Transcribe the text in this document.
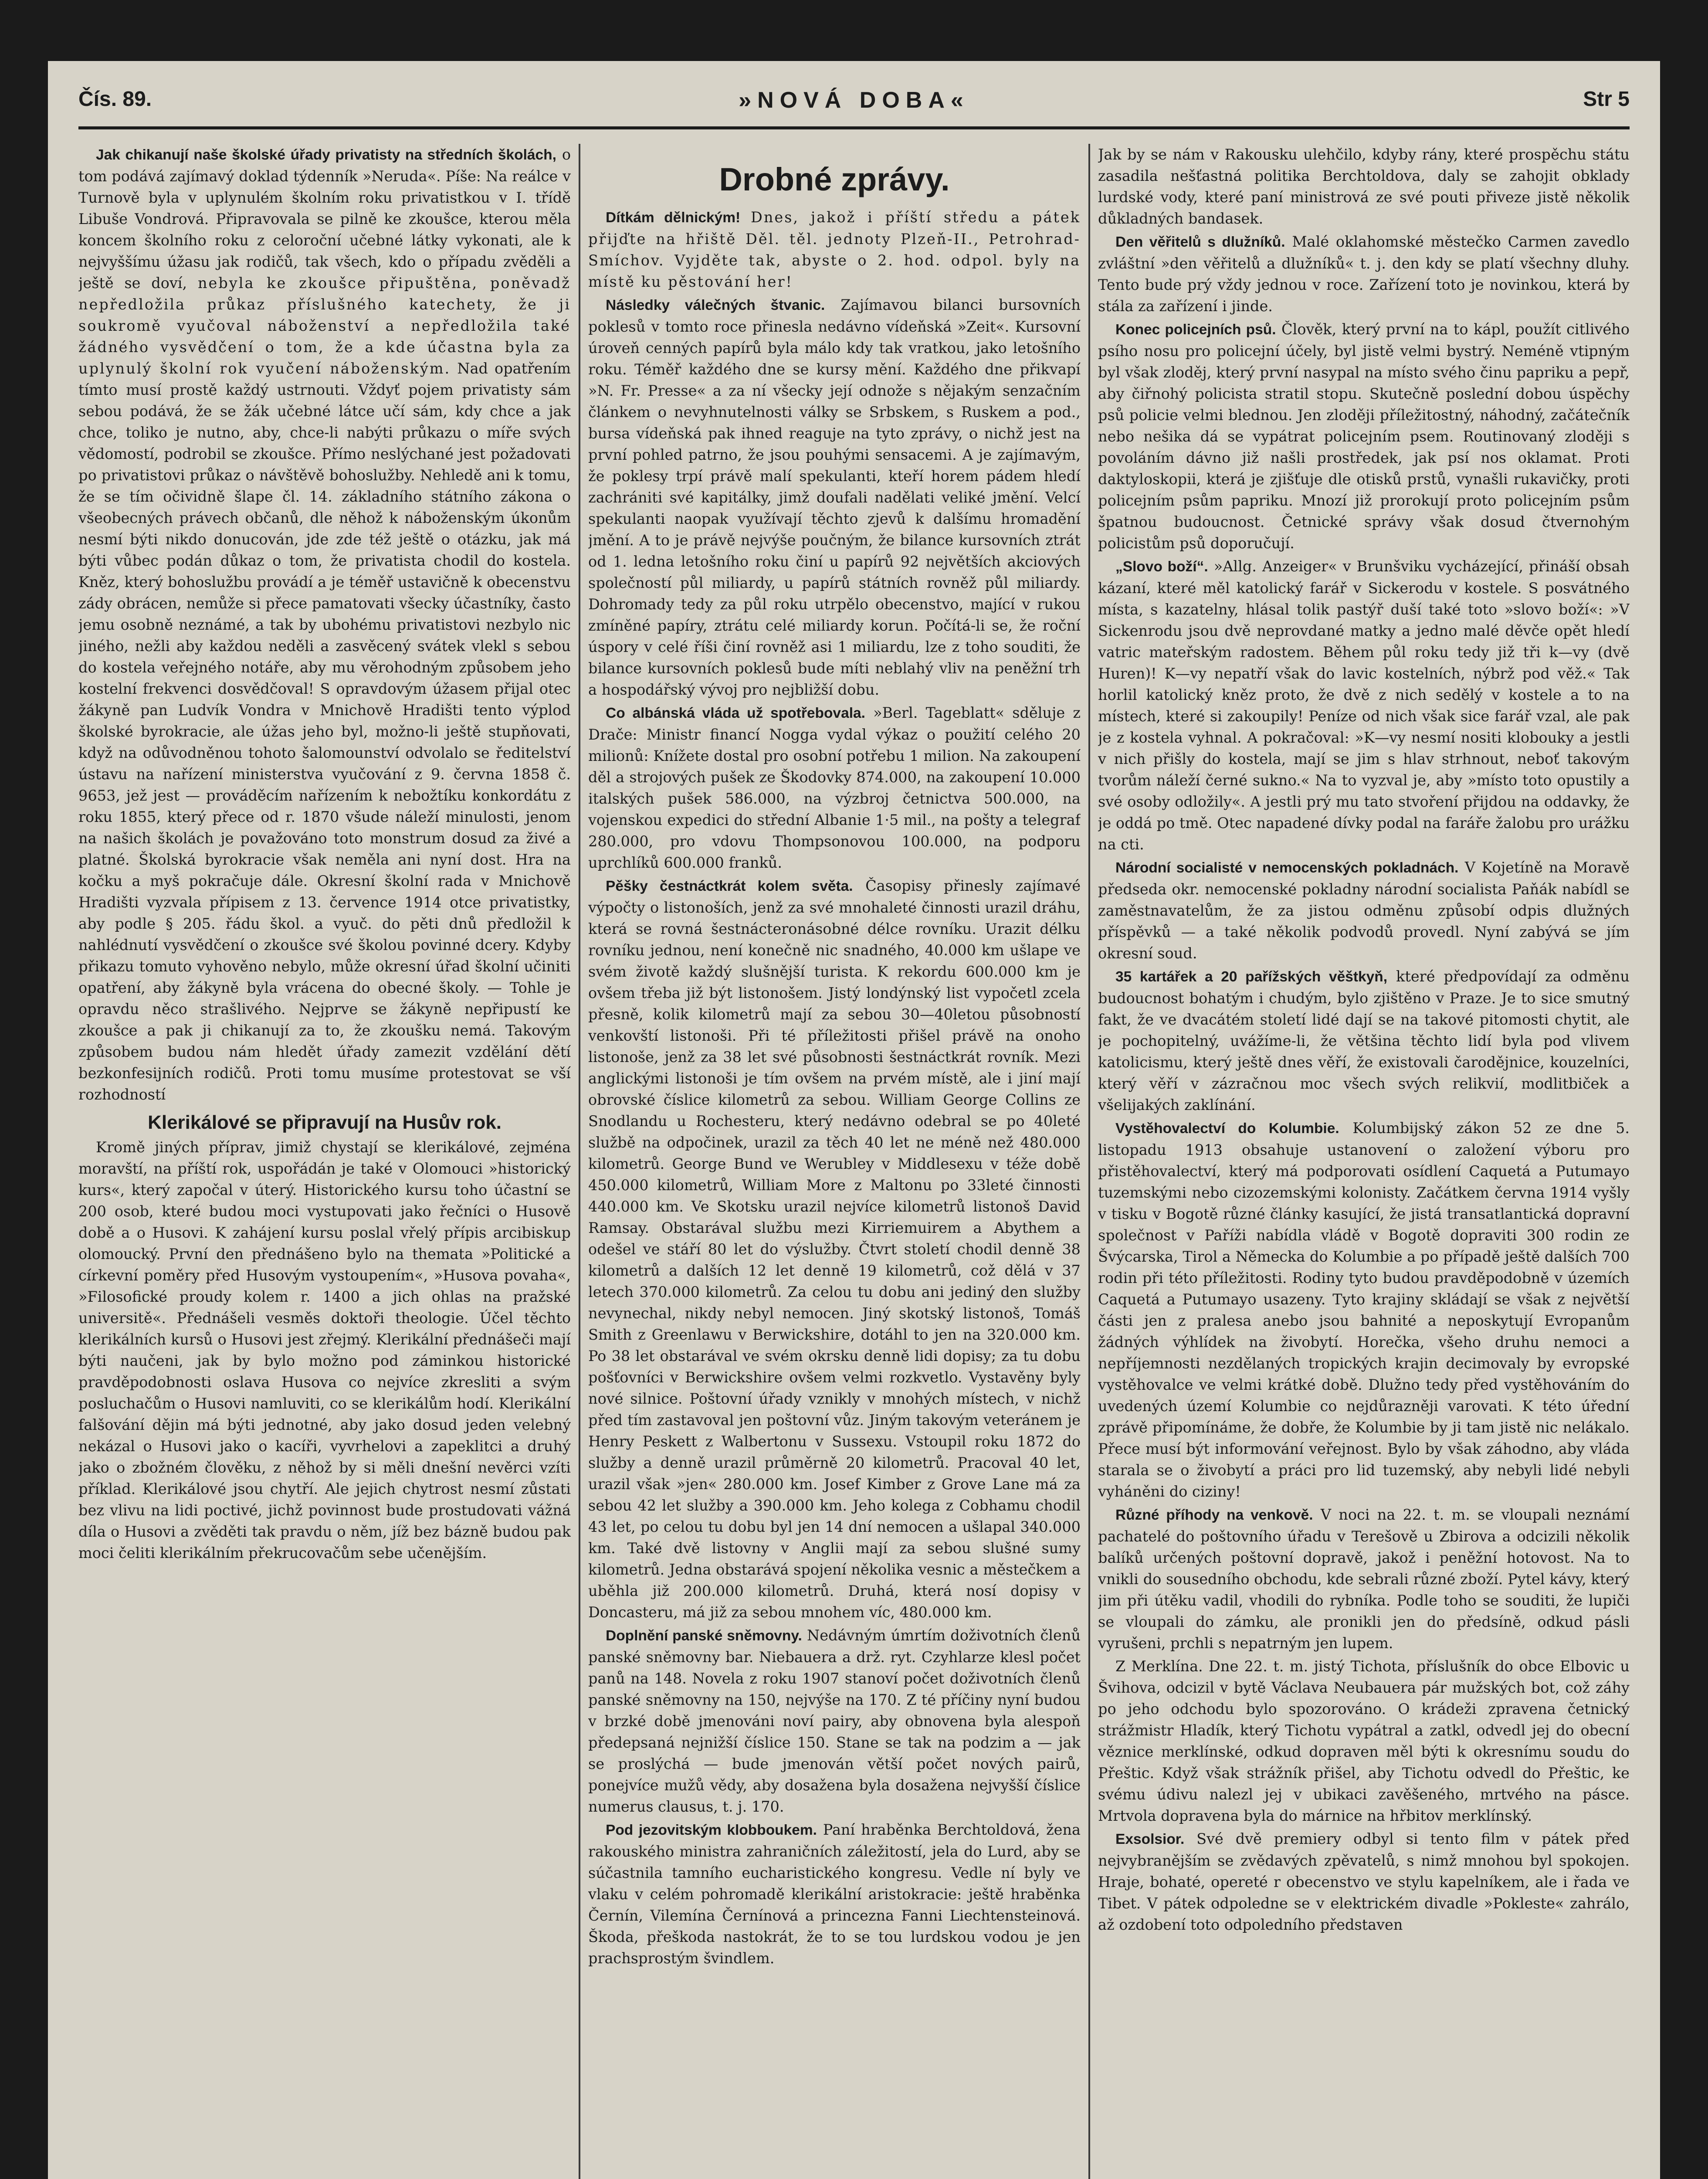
Čís. 89.	»NOVÁ DOBA«	Str 5

Jak chikanují naše školské úřady privatisty na středních školách, o tom podává zajímavý doklad týdenník »Neruda«. Píše: Na reálce v Turnově byla v uplynulém školním roku privatistkou v I. třídě Libuše Vondrová. Připravovala se pilně ke zkoušce, kterou měla koncem školního roku z celoroční učebné látky vykonati, ale k nejvyššímu úžasu jak rodičů, tak všech, kdo o případu zvěděli a ještě se doví, nebyla ke zkoušce připuštěna, poněvadž nepředložila průkaz příslušného katechety, že ji soukromě vyučoval náboženství a nepředložila také žádného vysvědčení o tom, že a kde účastna byla za uplynulý školní rok vyučení náboženským. Nad opatřením tímto musí prostě každý ustrnouti. Vždyť pojem privatisty sám sebou podává, že se žák učebné látce učí sám, kdy chce a jak chce, toliko je nutno, aby, chce-li nabýti průkazu o míře svých vědomostí, podrobil se zkoušce. Přímo neslýchané jest požadovati po privatistovi průkaz o návštěvě bohoslužby. Nehledě ani k tomu, že se tím očividně šlape čl. 14. základního státního zákona o všeobecných právech občanů, dle něhož k náboženským úkonům nesmí býti nikdo donucován, jde zde též ještě o otázku, jak má býti vůbec podán důkaz o tom, že privatista chodil do kostela. Kněz, který bohoslužbu provádí a je téměř ustavičně k obecenstvu zády obrácen, nemůže si přece pamatovati všecky účastníky, často jemu osobně neznámé, a tak by ubohému privatistovi nezbylo nic jiného, nežli aby každou neděli a zasvěcený svátek vlekl s sebou do kostela veřejného notáře, aby mu věrohodným způsobem jeho kostelní frekvenci dosvědčoval! S opravdovým úžasem přijal otec žákyně pan Ludvík Vondra v Mnichově Hradišti tento výplod školské byrokracie, ale úžas jeho byl, možno-li ještě stupňovati, když na odůvodněnou tohoto šalomounství odvolalo se ředitelství ústavu na nařízení ministerstva vyučování z 9. června 1858 č. 9653, jež jest — prováděcím nařízením k nebožtíku konkordátu z roku 1855, který přece od r. 1870 všude náleží minulosti, jenom na našich školách je považováno toto monstrum dosud za živé a platné. Školská byrokracie však neměla ani nyní dost. Hra na kočku a myš pokračuje dále. Okresní školní rada v Mnichově Hradišti vyzvala přípisem z 13. července 1914 otce privatistky, aby podle § 205. řádu škol. a vyuč. do pěti dnů předložil k nahlédnutí vysvědčení o zkoušce své školou povinné dcery. Kdyby přikazu tomuto vyhověno nebylo, může okresní úřad školní učiniti opatření, aby žákyně byla vrácena do obecné školy. — Tohle je opravdu něco strašlivého. Nejprve se žákyně nepřipustí ke zkoušce a pak ji chikanují za to, že zkoušku nemá. Takovým způsobem budou nám hledět úřady zamezit vzdělání dětí bezkonfesijních rodičů. Proti tomu musíme protestovat se vší rozhodností

Klerikálové se připravují na Husův rok.

Kromě jiných příprav, jimiž chystají se klerikálové, zejména moravští, na příští rok, uspořádán je také v Olomouci »historický kurs«, který započal v úterý. Historického kursu toho účastní se 200 osob, které budou moci vystupovati jako řečníci o Husově době a o Husovi. K zahájení kursu poslal vřelý přípis arcibiskup olomoucký. První den přednášeno bylo na themata »Politické a církevní poměry před Husovým vystoupením«, »Husova povaha«, »Filosofické proudy kolem r. 1400 a jich ohlas na pražské universitě«. Přednášeli vesměs doktoři theologie. Účel těchto klerikálních kursů o Husovi jest zřejmý. Klerikální přednášeči mají býti naučeni, jak by bylo možno pod záminkou historické pravděpodobnosti oslava Husova co nejvíce zkresliti a svým posluchačům o Husovi namluviti, co se klerikálům hodí. Klerikální falšování dějin má býti jednotné, aby jako dosud jeden velebný nekázal o Husovi jako o kacíři, vyvrhelovi a zapeklitci a druhý jako o zbožném člověku, z něhož by si měli dnešní nevěrci vzíti příklad. Klerikálové jsou chytří. Ale jejich chytrost nesmí zůstati bez vlivu na lidi poctivé, jichž povinnost bude prostudovati vážná díla o Husovi a zvěděti tak pravdu o něm, jíž bez bázně budou pak moci čeliti klerikálním překrucovačům sebe učenějším.

Drobné zprávy.

Dítkám dělnickým! Dnes, jakož i příští středu a pátek přijďte na hřiště Děl. těl. jednoty Plzeň-II., Petrohrad-Smíchov. Vyjděte tak, abyste o 2. hod. odpol. byly na místě ku pěstování her!

Následky válečných štvanic. Zajímavou bilanci bursovních poklesů v tomto roce přinesla nedávno vídeňská »Zeit«. Kursovní úroveň cenných papírů byla málo kdy tak vratkou, jako letošního roku. Téměř každého dne se kursy mění. Každého dne přikvapí »N. Fr. Presse« a za ní všecky její odnože s nějakým senzačním článkem o nevyhnutelnosti války se Srbskem, s Ruskem a pod., bursa vídeňská pak ihned reaguje na tyto zprávy, o nichž jest na první pohled patrno, že jsou pouhými sensacemi. A je zajímavým, že poklesy trpí právě malí spekulanti, kteří horem pádem hledí zachrániti své kapitálky, jimž doufali nadělati veliké jmění. Velcí spekulanti naopak využívají těchto zjevů k dalšímu hromadění jmění. A to je právě nejvýše poučným, že bilance kursovních ztrát od 1. ledna letošního roku činí u papírů 92 největších akciových společností půl miliardy, u papírů státních rovněž půl miliardy. Dohromady tedy za půl roku utrpělo obecenstvo, mající v rukou zmíněné papíry, ztrátu celé miliardy korun. Počítá-li se, že roční úspory v celé říši činí rovněž asi 1 miliardu, lze z toho souditi, že bilance kursovních poklesů bude míti neblahý vliv na peněžní trh a hospodářský vývoj pro nejbližší dobu.

Co albánská vláda už spotřebovala. »Berl. Tageblatt« sděluje z Drače: Ministr financí Nogga vydal výkaz o použití celého 20 milionů: Knížete dostal pro osobní potřebu 1 milion. Na zakoupení děl a strojových pušek ze Škodovky 874.000, na zakoupení 10.000 italských pušek 586.000, na výzbroj četnictva 500.000, na vojenskou expedici do střední Albanie 1·5 mil., na pošty a telegraf 280.000, pro vdovu Thompsonovou 100.000, na podporu uprchlíků 600.000 franků.

Pěšky čestnáctkrát kolem světa. Časopisy přinesly zajímavé výpočty o listonoších, jenž za své mnohaleté činnosti urazil dráhu, která se rovná šestnácteronásobné délce rovníku. Urazit délku rovníku jednou, není konečně nic snadného, 40.000 km ušlape ve svém životě každý slušnější turista. K rekordu 600.000 km je ovšem třeba již být listonošem. Jistý londýnský list vypočetl zcela přesně, kolik kilometrů mají za sebou 30—40letou působností venkovští listonoši. Při té příležitosti přišel právě na onoho listonoše, jenž za 38 let své působnosti šestnáctkrát rovník. Mezi anglickými listonoši je tím ovšem na prvém místě, ale i jiní mají obrovské číslice kilometrů za sebou. William George Collins ze Snodlandu u Rochesteru, který nedávno odebral se po 40leté službě na odpočinek, urazil za těch 40 let ne méně než 480.000 kilometrů. George Bund ve Werubley v Middlesexu v téže době 450.000 kilometrů, William More z Maltonu po 33leté činnosti 440.000 km. Ve Skotsku urazil nejvíce kilometrů listonoš David Ramsay. Obstarával službu mezi Kirriemuirem a Abythem a odešel ve stáří 80 let do výslužby. Čtvrt století chodil denně 38 kilometrů a dalších 12 let denně 19 kilometrů, což dělá v 37 letech 370.000 kilometrů. Za celou tu dobu ani jediný den služby nevynechal, nikdy nebyl nemocen. Jiný skotský listonoš, Tomáš Smith z Greenlawu v Berwickshire, dotáhl to jen na 320.000 km. Po 38 let obstarával ve svém okrsku denně lidi dopisy; za tu dobu pošťovníci v Berwickshire ovšem velmi rozkvetlo. Vystavěny byly nové silnice. Poštovní úřady vznikly v mnohých místech, v nichž před tím zastavoval jen poštovní vůz. Jiným takovým veteránem je Henry Peskett z Walbertonu v Sussexu. Vstoupil roku 1872 do služby a denně urazil průměrně 20 kilometrů. Pracoval 40 let, urazil však »jen« 280.000 km. Josef Kimber z Grove Lane má za sebou 42 let služby a 390.000 km. Jeho kolega z Cobhamu chodil 43 let, po celou tu dobu byl jen 14 dní nemocen a ušlapal 340.000 km. Také dvě listovny v Anglii mají za sebou slušné sumy kilometrů. Jedna obstarává spojení několika vesnic a městečkem a uběhla již 200.000 kilometrů. Druhá, která nosí dopisy v Doncasteru, má již za sebou mnohem víc, 480.000 km.

Doplnění panské sněmovny. Nedávným úmrtím doživotních členů panské sněmovny bar. Niebauera a drž. ryt. Czyhlarze klesl počet panů na 148. Novela z roku 1907 stanoví počet doživotních členů panské sněmovny na 150, nejvýše na 170. Z té příčiny nyní budou v brzké době jmenováni noví pairy, aby obnovena byla alespoň předepsaná nejnižší číslice 150. Stane se tak na podzim a — jak se proslýchá — bude jmenován větší počet nových pairů, ponejvíce mužů vědy, aby dosažena byla dosažena nejvyšší číslice numerus clausus, t. j. 170.

Pod jezovitským klobboukem. Paní hraběnka Berchtoldová, žena rakouského ministra zahraničních záležitostí, jela do Lurd, aby se súčastnila tamního eucharistického kongresu. Vedle ní byly ve vlaku v celém pohromadě klerikální aristokracie: ještě hraběnka Černín, Vilemína Černínová a princezna Fanni Liechtensteinová. Škoda, přeškoda nastokrát, že to se tou lurdskou vodou je jen prachsprostým švindlem.

Jak by se nám v Rakousku ulehčilo, kdyby rány, které prospěchu státu zasadila nešťastná politika Berchtoldova, daly se zahojit obklady lurdské vody, které paní ministrová ze své pouti přiveze jistě několik důkladných bandasek.

Den věřitelů s dlužníků. Malé oklahomské městečko Carmen zavedlo zvláštní »den věřitelů a dlužníků« t. j. den kdy se platí všechny dluhy. Tento bude prý vždy jednou v roce. Zařízení toto je novinkou, která by stála za zařízení i jinde.

Konec policejních psů. Člověk, který první na to kápl, použít citlivého psího nosu pro policejní účely, byl jistě velmi bystrý. Neméně vtipným byl však zloděj, který první nasypal na místo svého činu papriku a pepř, aby čiřnohý policista stratil stopu. Skutečně poslední dobou úspěchy psů policie velmi blednou. Jen zloději příležitostný, náhodný, začátečník nebo nešika dá se vypátrat policejním psem. Routinovaný zloději s povoláním dávno již našli prostředek, jak psí nos oklamat. Proti daktyloskopii, která je zjišťuje dle otisků prstů, vynašli rukavičky, proti policejním psům papriku. Mnozí již prorokují proto policejním psům špatnou budoucnost. Četnické správy však dosud čtvernohým policistům psů doporučují.

„Slovo boží“. »Allg. Anzeiger« v Brunšviku vycházející, přináší obsah kázaní, které měl katolický farář v Sickerodu v kostele. S posvátného místa, s kazatelny, hlásal tolik pastýř duší také toto »slovo boží«: »V Sickenrodu jsou dvě neprovdané matky a jedno malé děvče opět hledí vatric mateřským radostem. Během půl roku tedy již tři k—vy (dvě Huren)! K—vy nepatří však do lavic kostelních, nýbrž pod věž.« Tak horlil katolický kněz proto, že dvě z nich sedělý v kostele a to na místech, které si zakoupily! Peníze od nich však sice farář vzal, ale pak je z kostela vyhnal. A pokračoval: »K—vy nesmí nositi klobouky a jestli v nich přišly do kostela, mají se jim s hlav strhnout, neboť takovým tvorům náleží černé sukno.« Na to vyzval je, aby »místo toto opustily a své osoby odložily«. A jestli prý mu tato stvoření přijdou na oddavky, že je oddá po tmě. Otec napadené dívky podal na faráře žalobu pro urážku na cti.

Národní socialisté v nemocenských pokladnách. V Kojetíně na Moravě předseda okr. nemocenské pokladny národní socialista Paňák nabídl se zaměstnavatelům, že za jistou odměnu způsobí odpis dlužných příspěvků — a také několik podvodů provedl. Nyní zabývá se jím okresní soud.

35 kartářek a 20 pařížských věštkyň, které předpovídají za odměnu budoucnost bohatým i chudým, bylo zjištěno v Praze. Je to sice smutný fakt, že ve dvacátém století lidé dají se na takové pitomosti chytit, ale je pochopitelný, uvážíme-li, že většina těchto lidí byla pod vlivem katolicismu, který ještě dnes věří, že existovali čarodějnice, kouzelníci, který věří v zázračnou moc všech svých relikvií, modlitbiček a všelijakých zaklínání.

Vystěhovalectví do Kolumbie. Kolumbijský zákon 52 ze dne 5. listopadu 1913 obsahuje ustanovení o založení výboru pro přistěhovalectví, který má podporovati osídlení Caquetá a Putumayo tuzemskými nebo cizozemskými kolonisty. Začátkem června 1914 vyšly v tisku v Bogotě různé články kasující, že jistá transatlantická dopravní společnost v Paříži nabídla vládě v Bogotě dopraviti 300 rodin ze Švýcarska, Tirol a Německa do Kolumbie a po případě ještě dalších 700 rodin při této příležitosti. Rodiny tyto budou pravděpodobně v územích Caquetá a Putumayo usazeny. Tyto krajiny skládají se však z největší části jen z pralesa anebo jsou bahnité a neposkytují Evropanům žádných výhlídek na živobytí. Horečka, všeho druhu nemoci a nepříjemnosti nezdělaných tropických krajin decimovaly by evropské vystěhovalce ve velmi krátké době. Dlužno tedy před vystěhováním do uvedených území Kolumbie co nejdůrazněji varovati. K této úřední zprávě připomínáme, že dobře, že Kolumbie by ji tam jistě nic nelákalo. Přece musí být informování veřejnost. Bylo by však záhodno, aby vláda starala se o živobytí a práci pro lid tuzemský, aby nebyli lidé nebyli vyháněni do ciziny!

Různé příhody na venkově. V noci na 22. t. m. se vloupali neznámí pachatelé do poštovního úřadu v Terešově u Zbirova a odcizili několik balíků určených poštovní dopravě, jakož i peněžní hotovost. Na to vnikli do sousedního obchodu, kde sebrali různé zboží. Pytel kávy, který jim při útěku vadil, vhodili do rybníka. Podle toho se souditi, že lupiči se vloupali do zámku, ale pronikli jen do předsíně, odkud pásli vyrušeni, prchli s nepatrným jen lupem.

Z Merklína. Dne 22. t. m. jistý Tichota, příslušník do obce Elbovic u Švihova, odcizil v bytě Václava Neubauera pár mužských bot, což záhy po jeho odchodu bylo spozorováno. O krádeži zpravena četnický strážmistr Hladík, který Tichotu vypátral a zatkl, odvedl jej do obecní věznice merklínské, odkud dopraven měl býti k okresnímu soudu do Přeštic. Když však strážník přišel, aby Tichotu odvedl do Přeštic, ke svému údivu nalezl jej v ubikaci zavěšeného, mrtvého na pásce. Mrtvola dopravena byla do márnice na hřbitov merklínský.

Exsolsior. Své dvě premiery odbyl si tento film v pátek před nejvybranějším se zvědavých zpěvatelů, s nimž mnohou byl spokojen. Hraje, bohaté, opereté r obecenstvo ve stylu kapelníkem, ale i řada ve Tibet. V pátek odpoledne se v elektrickém divadle »Pokleste« zahrálo, až ozdobení toto odpoledního představen
